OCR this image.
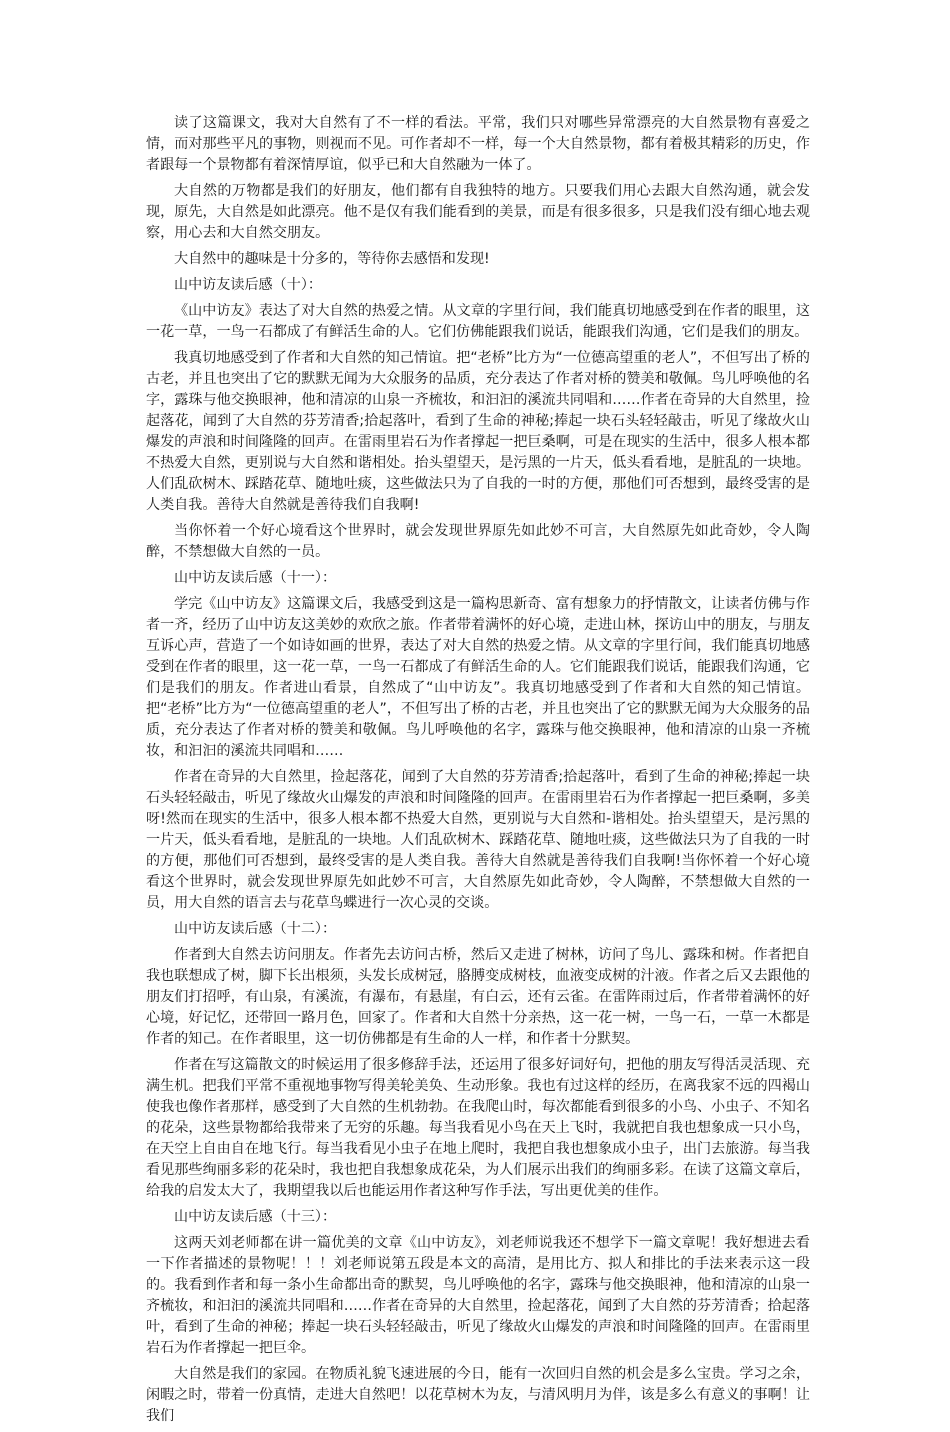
读了这篇课文，我对大自然有了不一样的看法。平常，我们只对哪些异常漂亮的大自然景物有喜爱之情，而对那些平凡的事物，则视而不见。可作者却不一样，每一个大自然景物，都有着极其精彩的历史，作者跟每一个景物都有着深情厚谊，似乎已和大自然融为一体了。

大自然的万物都是我们的好朋友，他们都有自我独特的地方。只要我们用心去跟大自然沟通，就会发现，原先，大自然是如此漂亮。他不是仅有我们能看到的美景，而是有很多很多，只是我们没有细心地去观察，用心去和大自然交朋友。

大自然中的趣味是十分多的，等待你去感悟和发现!

山中访友读后感（十）：

《山中访友》表达了对大自然的热爱之情。从文章的字里行间，我们能真切地感受到在作者的眼里，这一花一草，一鸟一石都成了有鲜活生命的人。它们仿佛能跟我们说话，能跟我们沟通，它们是我们的朋友。

我真切地感受到了作者和大自然的知己情谊。把“老桥”比方为“一位德高望重的老人”，不但写出了桥的古老，并且也突出了它的默默无闻为大众服务的品质，充分表达了作者对桥的赞美和敬佩。鸟儿呼唤他的名字，露珠与他交换眼神，他和清凉的山泉一齐梳妆，和汩汩的溪流共同唱和……作者在奇异的大自然里，捡起落花，闻到了大自然的芬芳清香;拾起落叶，看到了生命的神秘;捧起一块石头轻轻敲击，听见了缘故火山爆发的声浪和时间隆隆的回声。在雷雨里岩石为作者撑起一把巨桑啊，可是在现实的生活中，很多人根本都不热爱大自然，更别说与大自然和谐相处。抬头望望天，是污黑的一片天，低头看看地，是脏乱的一块地。人们乱砍树木、踩踏花草、随地吐痰，这些做法只为了自我的一时的方便，那他们可否想到，最终受害的是人类自我。善待大自然就是善待我们自我啊!

当你怀着一个好心境看这个世界时，就会发现世界原先如此妙不可言，大自然原先如此奇妙，令人陶醉，不禁想做大自然的一员。

山中访友读后感（十一）：

学完《山中访友》这篇课文后，我感受到这是一篇构思新奇、富有想象力的抒情散文，让读者仿佛与作者一齐，经历了山中访友这美妙的欢欣之旅。作者带着满怀的好心境，走进山林，探访山中的朋友，与朋友互诉心声，营造了一个如诗如画的世界，表达了对大自然的热爱之情。从文章的字里行间，我们能真切地感受到在作者的眼里，这一花一草，一鸟一石都成了有鲜活生命的人。它们能跟我们说话，能跟我们沟通，它们是我们的朋友。作者进山看景，自然成了“山中访友”。我真切地感受到了作者和大自然的知己情谊。把“老桥”比方为“一位德高望重的老人”，不但写出了桥的古老，并且也突出了它的默默无闻为大众服务的品质，充分表达了作者对桥的赞美和敬佩。鸟儿呼唤他的名字，露珠与他交换眼神，他和清凉的山泉一齐梳妆，和汩汩的溪流共同唱和……

作者在奇异的大自然里，捡起落花，闻到了大自然的芬芳清香;拾起落叶，看到了生命的神秘;捧起一块石头轻轻敲击，听见了缘故火山爆发的声浪和时间隆隆的回声。在雷雨里岩石为作者撑起一把巨桑啊，多美呀!然而在现实的生活中，很多人根本都不热爱大自然，更别说与大自然和-谐相处。抬头望望天，是污黑的一片天，低头看看地，是脏乱的一块地。人们乱砍树木、踩踏花草、随地吐痰，这些做法只为了自我的一时的方便，那他们可否想到，最终受害的是人类自我。善待大自然就是善待我们自我啊!当你怀着一个好心境看这个世界时，就会发现世界原先如此妙不可言，大自然原先如此奇妙，令人陶醉，不禁想做大自然的一员，用大自然的语言去与花草鸟蝶进行一次心灵的交谈。

山中访友读后感（十二）：

作者到大自然去访问朋友。作者先去访问古桥，然后又走进了树林，访问了鸟儿、露珠和树。作者把自我也联想成了树，脚下长出根须，头发长成树冠，胳膊变成树枝，血液变成树的汁液。作者之后又去跟他的朋友们打招呼，有山泉，有溪流，有瀑布，有悬崖，有白云，还有云雀。在雷阵雨过后，作者带着满怀的好心境，好记忆，还带回一路月色，回家了。作者和大自然十分亲热，这一花一树，一鸟一石，一草一木都是作者的知己。在作者眼里，这一切仿佛都是有生命的人一样，和作者十分默契。

作者在写这篇散文的时候运用了很多修辞手法，还运用了很多好词好句，把他的朋友写得活灵活现、充满生机。把我们平常不重视地事物写得美轮美奂、生动形象。我也有过这样的经历，在离我家不远的四褐山使我也像作者那样，感受到了大自然的生机勃勃。在我爬山时，每次都能看到很多的小鸟、小虫子、不知名的花朵，这些景物都给我带来了无穷的乐趣。每当我看见小鸟在天上飞时，我就把自我也想象成一只小鸟，在天空上自由自在地飞行。每当我看见小虫子在地上爬时，我把自我也想象成小虫子，出门去旅游。每当我看见那些绚丽多彩的花朵时，我也把自我想象成花朵，为人们展示出我们的绚丽多彩。在读了这篇文章后，给我的启发太大了，我期望我以后也能运用作者这种写作手法，写出更优美的佳作。

山中访友读后感（十三）：

这两天刘老师都在讲一篇优美的文章《山中访友》，刘老师说我还不想学下一篇文章呢！我好想进去看一下作者描述的景物呢！！！刘老师说第五段是本文的高清，是用比方、拟人和排比的手法来表示这一段的。我看到作者和每一条小生命都出奇的默契，鸟儿呼唤他的名字，露珠与他交换眼神，他和清凉的山泉一齐梳妆，和汩汩的溪流共同唱和……作者在奇异的大自然里，捡起落花，闻到了大自然的芬芳清香；拾起落叶，看到了生命的神秘；捧起一块石头轻轻敲击，听见了缘故火山爆发的声浪和时间隆隆的回声。在雷雨里岩石为作者撑起一把巨伞。

大自然是我们的家园。在物质礼貌飞速进展的今日，能有一次回归自然的机会是多么宝贵。学习之余，闲暇之时，带着一份真情，走进大自然吧！以花草树木为友，与清风明月为伴，该是多么有意义的事啊！让我们
